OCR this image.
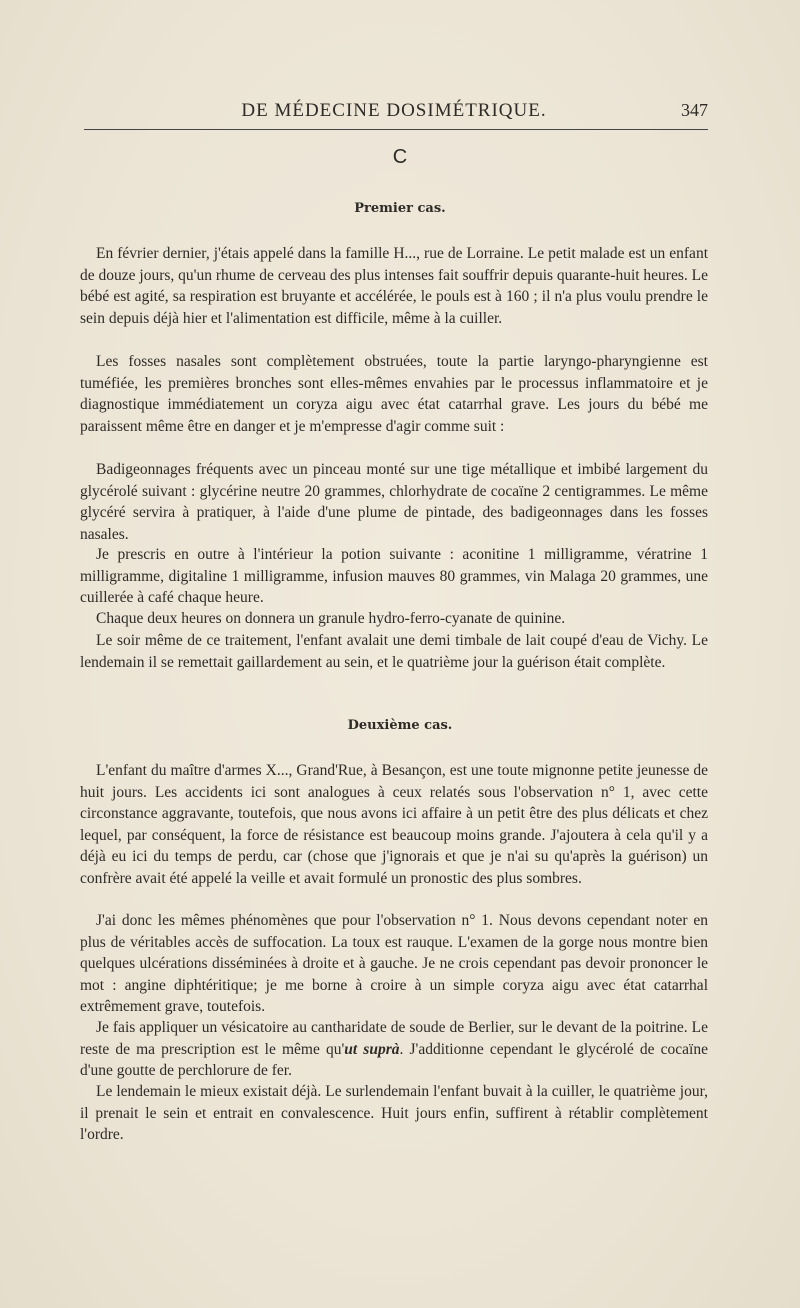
DE MÉDECINE DOSIMÉTRIQUE.	347
C
Premier cas.

En février dernier, j'étais appelé dans la famille H..., rue de Lorraine. Le petit malade est un enfant de douze jours, qu'un rhume de cerveau des plus intenses fait souffrir depuis quarante-huit heures. Le bébé est agité, sa respiration est bruyante et accélérée, le pouls est à 160 ; il n'a plus voulu prendre le sein depuis déjà hier et l'alimentation est difficile, même à la cuiller.

Les fosses nasales sont complètement obstruées, toute la partie laryngo-pharyngienne est tuméfiée, les premières bronches sont elles-mêmes envahies par le processus inflammatoire et je diagnostique immédiatement un coryza aigu avec état catarrhal grave. Les jours du bébé me paraissent même être en danger et je m'empresse d'agir comme suit :

Badigeonnages fréquents avec un pinceau monté sur une tige métallique et imbibé largement du glycérolé suivant : glycérine neutre 20 grammes, chlorhydrate de cocaïne 2 centigrammes. Le même glycéré servira à pratiquer, à l'aide d'une plume de pintade, des badigeonnages dans les fosses nasales.

Je prescris en outre à l'intérieur la potion suivante : aconitine 1 milligramme, vératrine 1 milligramme, digitaline 1 milligramme, infusion mauves 80 grammes, vin Malaga 20 grammes, une cuillerée à café chaque heure.

Chaque deux heures on donnera un granule hydro-ferro-cyanate de quinine.

Le soir même de ce traitement, l'enfant avalait une demi timbale de lait coupé d'eau de Vichy. Le lendemain il se remettait gaillardement au sein, et le quatrième jour la guérison était complète.

Deuxième cas.

L'enfant du maître d'armes X..., Grand'Rue, à Besançon, est une toute mignonne petite jeunesse de huit jours. Les accidents ici sont analogues à ceux relatés sous l'observation n° 1, avec cette circonstance aggravante, toutefois, que nous avons ici affaire à un petit être des plus délicats et chez lequel, par conséquent, la force de résistance est beaucoup moins grande. J'ajoutera à cela qu'il y a déjà eu ici du temps de perdu, car (chose que j'ignorais et que je n'ai su qu'après la guérison) un confrère avait été appelé la veille et avait formulé un pronostic des plus sombres.

J'ai donc les mêmes phénomènes que pour l'observation n° 1. Nous devons cependant noter en plus de véritables accès de suffocation. La toux est rauque. L'examen de la gorge nous montre bien quelques ulcérations disséminées à droite et à gauche. Je ne crois cependant pas devoir prononcer le mot : angine diphtéritique; je me borne à croire à un simple coryza aigu avec état catarrhal extrêmement grave, toutefois.

Je fais appliquer un vésicatoire au cantharidate de soude de Berlier, sur le devant de la poitrine. Le reste de ma prescription est le même qu'ut suprà. J'additionne cependant le glycérolé de cocaïne d'une goutte de perchlorure de fer.

Le lendemain le mieux existait déjà. Le surlendemain l'enfant buvait à la cuiller, le quatrième jour, il prenait le sein et entrait en convalescence. Huit jours enfin, suffirent à rétablir complètement l'ordre.
